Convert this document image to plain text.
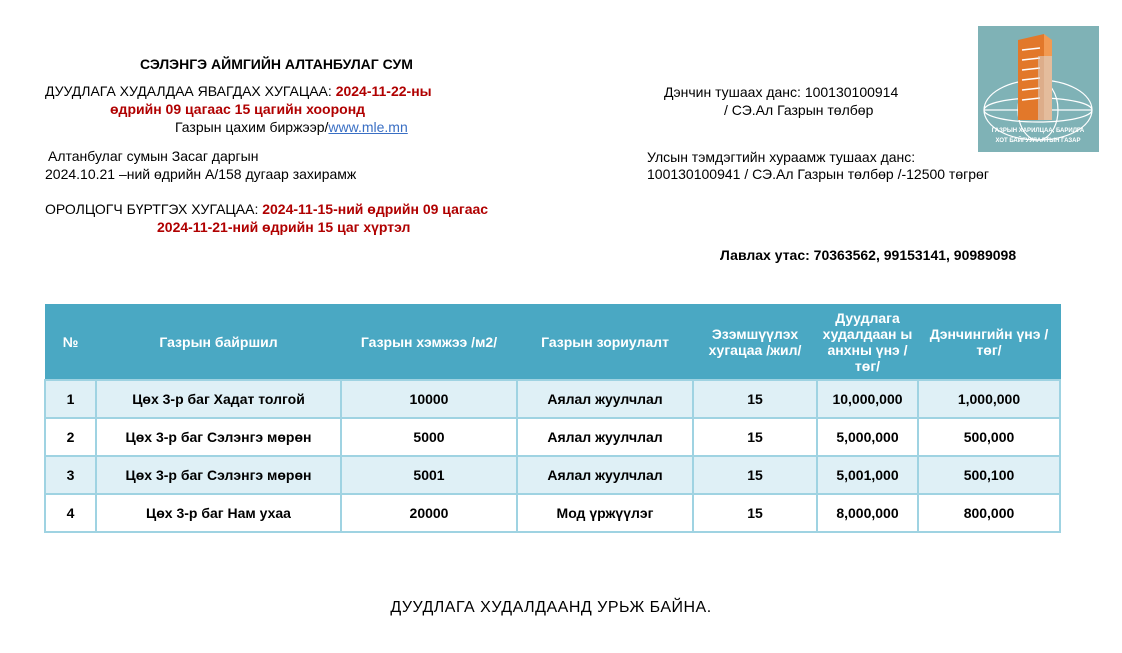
СЭЛЭНГЭ АЙМГИЙН АЛТАНБУЛАГ СУМ
ДУУДЛАГА ХУДАЛДАА ЯВАГДАХ ХУГАЦАА: 2024-11-22-ны
өдрийн 09 цагаас 15 цагийн хооронд
Газрын цахим биржээр/www.mle.mn
Алтанбулаг сумын Засаг даргын
2024.10.21 –ний өдрийн А/158 дугаар захирамж
ОРОЛЦОГЧ БҮРТГЭХ ХУГАЦАА: 2024-11-15-ний өдрийн 09 цагаас
2024-11-21-ний өдрийн 15 цаг хүртэл
Дэнчин тушаах данс: 100130100914
/ СЭ.Ал Газрын төлбөр
Улсын тэмдэгтийн хураамж тушаах данс:
100130100941 / СЭ.Ал Газрын төлбөр /-12500 төгрөг
Лавлах утас: 70363562, 99153141, 90989098
ГАЗРЫН ХАРИЛЦАА, БАРИЛГА
ХОТ БАЙГУУЛАЛТЫН ГАЗАР
№	Газрын байршил	Газрын хэмжээ /м2/	Газрын зориулалт	Эзэмшүүлэх хугацаа /жил/	Дуудлага худалдаан ы анхны үнэ /төг/	Дэнчингийн үнэ /төг/
1	Цөх 3-р баг Хадат толгой	10000	Аялал жуулчлал	15	10,000,000	1,000,000
2	Цөх 3-р баг Сэлэнгэ мөрөн	5000	Аялал жуулчлал	15	5,000,000	500,000
3	Цөх 3-р баг Сэлэнгэ мөрөн	5001	Аялал жуулчлал	15	5,001,000	500,100
4	Цөх 3-р баг Нам ухаа	20000	Мод үржүүлэг	15	8,000,000	800,000
ДУУДЛАГА ХУДАЛДААНД УРЬЖ БАЙНА.
